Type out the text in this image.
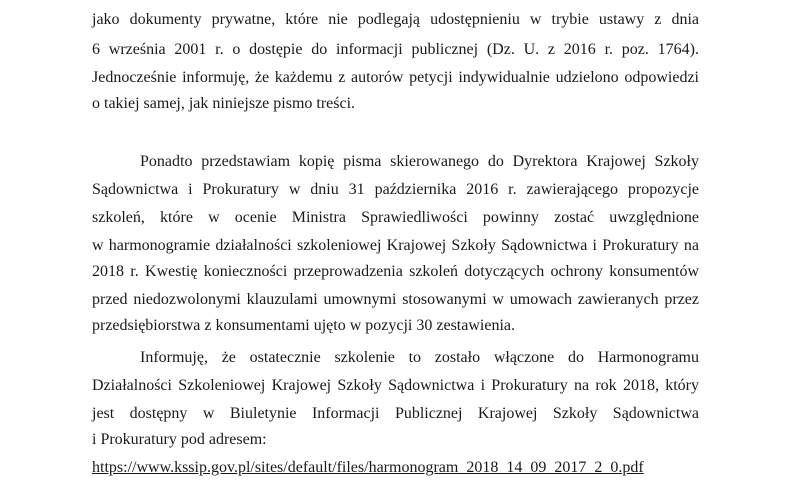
jako dokumenty prywatne, które nie podlegają udostępnieniu w trybie ustawy z dnia
6 września 2001 r. o dostępie do informacji publicznej (Dz. U. z 2016 r. poz. 1764).
Jednocześnie informuję, że każdemu z autorów petycji indywidualnie udzielono odpowiedzi
o takiej samej, jak niniejsze pismo treści.
Ponadto przedstawiam kopię pisma skierowanego do Dyrektora Krajowej Szkoły
Sądownictwa i Prokuratury w dniu 31 października 2016 r. zawierającego propozycje
szkoleń, które w ocenie Ministra Sprawiedliwości powinny zostać uwzględnione
w harmonogramie działalności szkoleniowej Krajowej Szkoły Sądownictwa i Prokuratury na
2018 r. Kwestię konieczności przeprowadzenia szkoleń dotyczących ochrony konsumentów
przed niedozwolonymi klauzulami umownymi stosowanymi w umowach zawieranych przez
przedsiębiorstwa z konsumentami ujęto w pozycji 30 zestawienia.
Informuję, że ostatecznie szkolenie to zostało włączone do Harmonogramu
Działalności Szkoleniowej Krajowej Szkoły Sądownictwa i Prokuratury na rok 2018, który
jest dostępny w Biuletynie Informacji Publicznej Krajowej Szkoły Sądownictwa
i Prokuratury pod adresem:
https://www.kssip.gov.pl/sites/default/files/harmonogram_2018_14_09_2017_2_0.pdf
